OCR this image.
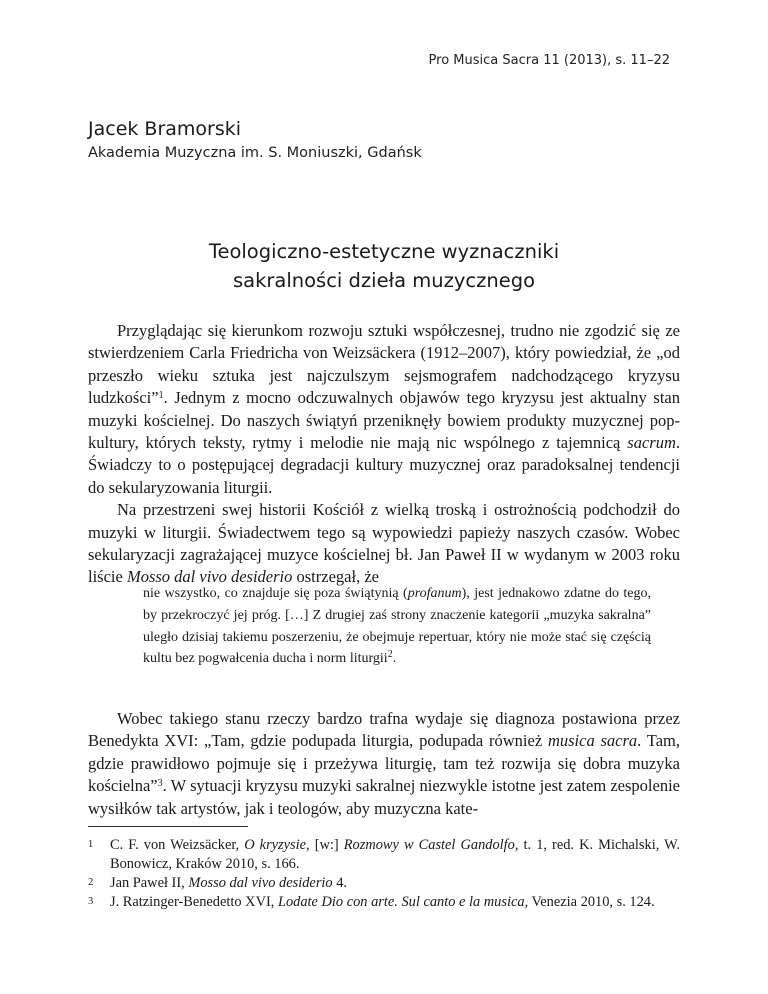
Pro Musica Sacra 11 (2013), s. 11–22
Jacek Bramorski
Akademia Muzyczna im. S. Moniuszki, Gdańsk
Teologiczno-estetyczne wyznaczniki
sakralności dzieła muzycznego

Przyglądając się kierunkom rozwoju sztuki współczesnej, trudno nie zgodzić się ze stwierdzeniem Carla Friedricha von Weizsäckera (1912–2007), który powiedział, że „od przeszło wieku sztuka jest najczulszym sejsmografem nadchodzącego kryzysu ludzkości”$^1$. Jednym z mocno odczuwalnych objawów tego kryzysu jest aktualny stan muzyki kościelnej. Do naszych świątyń przeniknęły bowiem produkty muzycznej pop-kultury, których teksty, rytmy i melodie nie mają nic wspólnego z tajemnicą sacrum. Świadczy to o postępującej degradacji kultury muzycznej oraz paradoksalnej tendencji do sekularyzowania liturgii.

Na przestrzeni swej historii Kościół z wielką troską i ostrożnością podchodził do muzyki w liturgii. Świadectwem tego są wypowiedzi papieży naszych czasów. Wobec sekularyzacji zagrażającej muzyce kościelnej bł. Jan Paweł II w wydanym w 2003 roku liście Mosso dal vivo desiderio ostrzegał, że

nie wszystko, co znajduje się poza świątynią (profanum), jest jednakowo zdatne do tego, by przekroczyć jej próg. […] Z drugiej zaś strony znaczenie kategorii „muzyka sakralna” uległo dzisiaj takiemu poszerzeniu, że obejmuje repertuar, który nie może stać się częścią kultu bez pogwałcenia ducha i norm liturgii$^2$.

Wobec takiego stanu rzeczy bardzo trafna wydaje się diagnoza postawiona przez Benedykta XVI: „Tam, gdzie podupada liturgia, podupada również musica sacra. Tam, gdzie prawidłowo pojmuje się i przeżywa liturgię, tam też rozwija się dobra muzyka kościelna”$^3$. W sytuacji kryzysu muzyki sakralnej niezwykle istotne jest zatem zespolenie wysiłków tak artystów, jak i teologów, aby muzyczna kate-

1 C. F. von Weizsäcker, O kryzysie, [w:] Rozmowy w Castel Gandolfo, t. 1, red. K. Michalski, W. Bonowicz, Kraków 2010, s. 166.
2 Jan Paweł II, Mosso dal vivo desiderio 4.
3 J. Ratzinger-Benedetto XVI, Lodate Dio con arte. Sul canto e la musica, Venezia 2010, s. 124.
